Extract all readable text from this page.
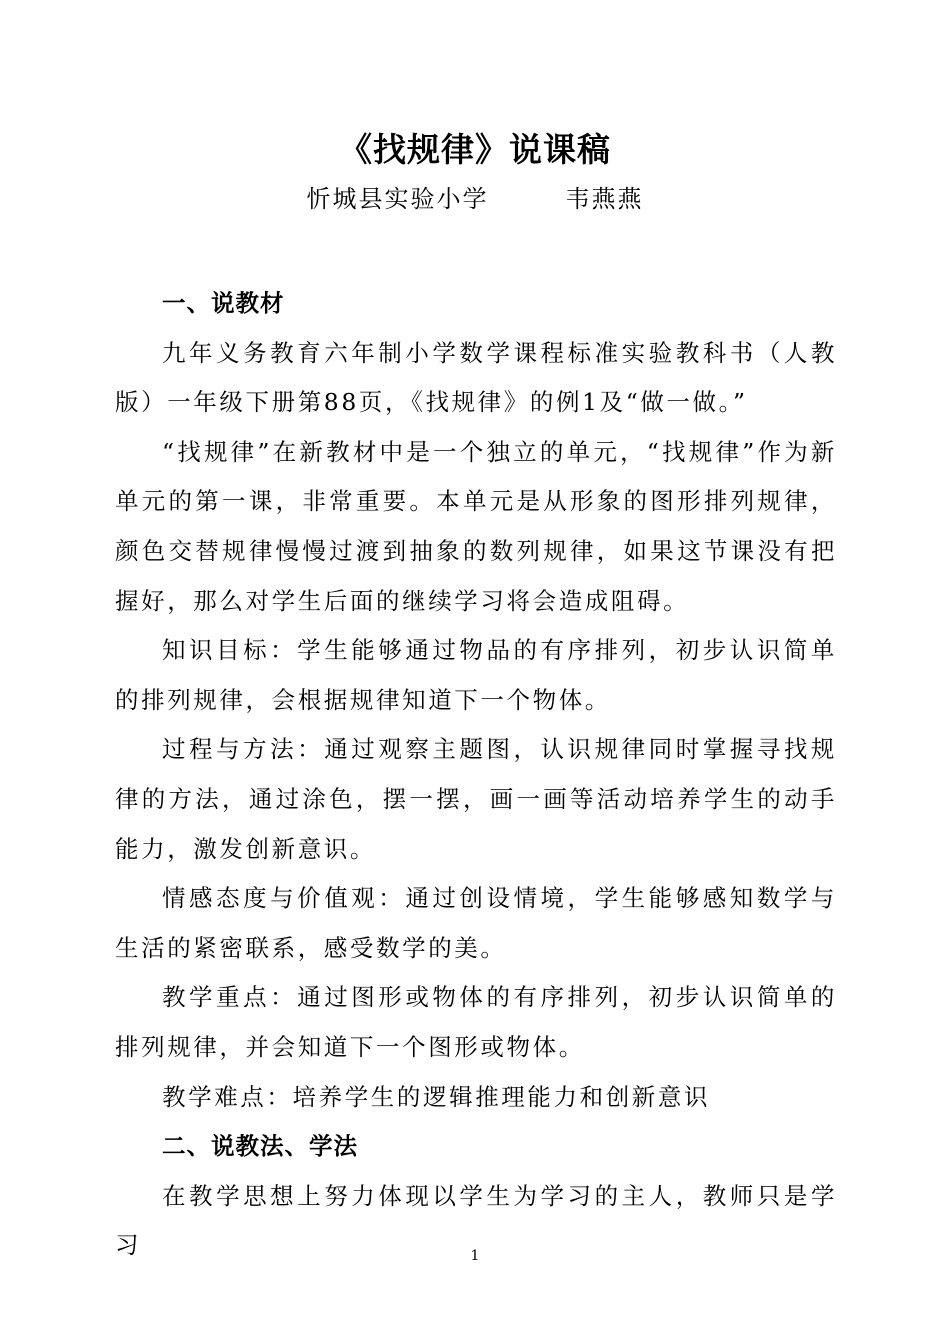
《找规律》说课稿
忻城县实验小学        韦燕燕
一、说教材

九年义务教育六年制小学数学课程标准实验教科书（人教版）一年级下册第88页，《找规律》的例1及“做一做。”

“找规律”在新教材中是一个独立的单元，“找规律”作为新单元的第一课，非常重要。本单元是从形象的图形排列规律，颜色交替规律慢慢过渡到抽象的数列规律，如果这节课没有把握好，那么对学生后面的继续学习将会造成阻碍。

知识目标：学生能够通过物品的有序排列，初步认识简单的排列规律，会根据规律知道下一个物体。

过程与方法：通过观察主题图，认识规律同时掌握寻找规律的方法，通过涂色，摆一摆，画一画等活动培养学生的动手能力，激发创新意识。

情感态度与价值观：通过创设情境，学生能够感知数学与生活的紧密联系，感受数学的美。

教学重点：通过图形或物体的有序排列，初步认识简单的排列规律，并会知道下一个图形或物体。

教学难点：培养学生的逻辑推理能力和创新意识

二、说教法、学法

在教学思想上努力体现以学生为学习的主人，教师只是学习	1
